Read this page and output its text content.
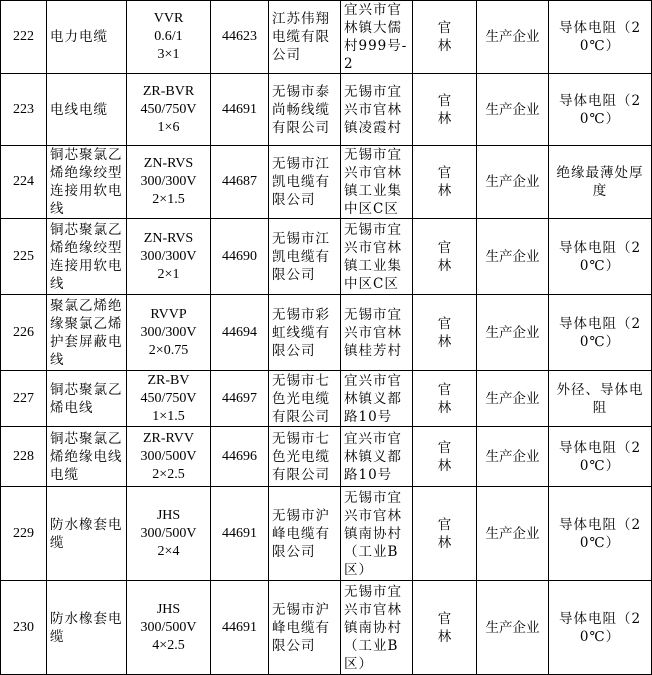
222	电力电缆	VVR
0.6/1
3×1	44623	江苏伟翔电缆有限公司	宜兴市官林镇大儒村999号-2	官林	生产企业	导体电阻（20℃）
223	电线电缆	ZR-BVR
450/750V
1×6	44691	无锡市泰尚畅线缆有限公司	无锡市宜兴市官林镇凌霞村	官林	生产企业	导体电阻（20℃）
224	铜芯聚氯乙烯绝缘绞型连接用软电线	ZN-RVS
300/300V
2×1.5	44687	无锡市江凯电缆有限公司	无锡市宜兴市官林镇工业集中区C区	官林	生产企业	绝缘最薄处厚度
225	铜芯聚氯乙烯绝缘绞型连接用软电线	ZN-RVS
300/300V
2×1	44690	无锡市江凯电缆有限公司	无锡市宜兴市官林镇工业集中区C区	官林	生产企业	导体电阻（20℃）
226	聚氯乙烯绝缘聚氯乙烯护套屏蔽电线	RVVP
300/300V
2×0.75	44694	无锡市彩虹线缆有限公司	无锡市宜兴市官林镇桂芳村	官林	生产企业	导体电阻（20℃）
227	铜芯聚氯乙烯电线	ZR-BV
450/750V
1×1.5	44697	无锡市七色光电缆有限公司	宜兴市官林镇义都路10号	官林	生产企业	外径、导体电阻
228	铜芯聚氯乙烯绝缘电线电缆	ZR-RVV
300/500V
2×2.5	44696	无锡市七色光电缆有限公司	宜兴市官林镇义都路10号	官林	生产企业	导体电阻（20℃）
229	防水橡套电缆	JHS
300/500V
2×4	44691	无锡市沪峰电缆有限公司	无锡市宜兴市官林镇南协村（工业B区）	官林	生产企业	导体电阻（20℃）
230	防水橡套电缆	JHS
300/500V
4×2.5	44691	无锡市沪峰电缆有限公司	无锡市宜兴市官林镇南协村（工业B区）	官林	生产企业	导体电阻（20℃）
